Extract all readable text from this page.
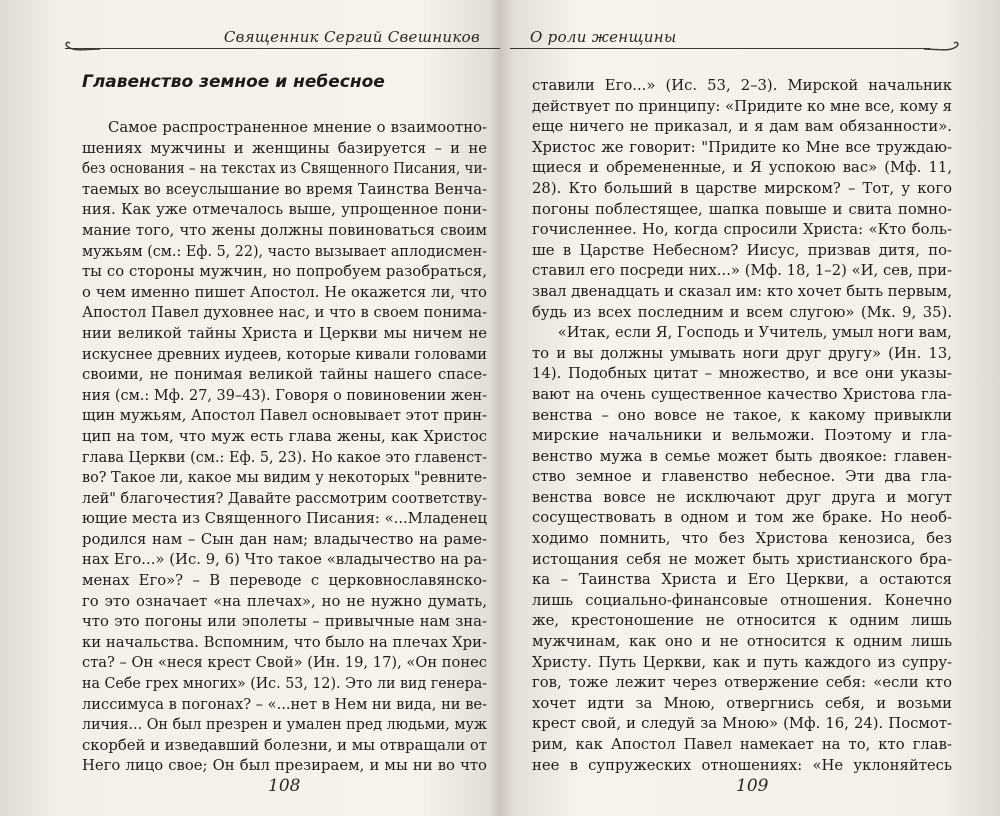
Священник Сергий Свешников
Главенство земное и небесное
Самое распространенное мнение о взаимоотно-
шениях мужчины и женщины базируется – и не
без основания – на текстах из Священного Писания, чи-
таемых во всеуслышание во время Таинства Венча-
ния. Как уже отмечалось выше, упрощенное пони-
мание того, что жены должны повиноваться своим
мужьям (см.: Еф. 5, 22), часто вызывает аплодисмен-
ты со стороны мужчин, но попробуем разобраться,
о чем именно пишет Апостол. Не окажется ли, что
Апостол Павел духовнее нас, и что в своем понима-
нии великой тайны Христа и Церкви мы ничем не
искуснее древних иудеев, которые кивали головами
своими, не понимая великой тайны нашего спасе-
ния (см.: Мф. 27, 39–43). Говоря о повиновении жен-
щин мужьям, Апостол Павел основывает этот прин-
цип на том, что муж есть глава жены, как Христос
глава Церкви (см.: Еф. 5, 23). Но какое это главенст-
во? Такое ли, какое мы видим у некоторых "ревните-
лей" благочестия? Давайте рассмотрим соответству-
ющие места из Священного Писания: «...Младенец
родился нам – Сын дан нам; владычество на раме-
нах Его...» (Ис. 9, 6) Что такое «владычество на ра-
менах Его»? – В переводе с церковнославянско-
го это означает «на плечах», но не нужно думать,
что это погоны или эполеты – привычные нам зна-
ки начальства. Вспомним, что было на плечах Хри-
ста? – Он «неся крест Свой» (Ин. 19, 17), «Он понес
на Себе грех многих» (Ис. 53, 12). Это ли вид генера-
лиссимуса в погонах? – «...нет в Нем ни вида, ни ве-
личия... Он был презрен и умален пред людьми, муж
скорбей и изведавший болезни, и мы отвращали от
Него лицо свое; Он был презираем, и мы ни во что
108
О роли женщины
ставили Его...» (Ис. 53, 2–3). Мирской начальник
действует по принципу: «Придите ко мне все, кому я
еще ничего не приказал, и я дам вам обязанности».
Христос же говорит: "Придите ко Мне все труждаю-
щиеся и обремененные, и Я успокою вас» (Мф. 11,
28). Кто больший в царстве мирском? – Тот, у кого
погоны поблестящее, шапка повыше и свита помно-
гочисленнее. Но, когда спросили Христа: «Кто боль-
ше в Царстве Небесном? Иисус, призвав дитя, по-
ставил его посреди них...» (Мф. 18, 1–2) «И, сев, при-
звал двенадцать и сказал им: кто хочет быть первым,
будь из всех последним и всем слугою» (Мк. 9, 35).
«Итак, если Я, Господь и Учитель, умыл ноги вам,
то и вы должны умывать ноги друг другу» (Ин. 13,
14). Подобных цитат – множество, и все они указы-
вают на очень существенное качество Христова гла-
венства – оно вовсе не такое, к какому привыкли
мирские начальники и вельможи. Поэтому и гла-
венство мужа в семье может быть двоякое: главен-
ство земное и главенство небесное. Эти два гла-
венства вовсе не исключают друг друга и могут
сосуществовать в одном и том же браке. Но необ-
ходимо помнить, что без Христова кенозиса, без
истощания себя не может быть христианского бра-
ка – Таинства Христа и Его Церкви, а остаются
лишь социально-финансовые отношения. Конечно
же, крестоношение не относится к одним лишь
мужчинам, как оно и не относится к одним лишь
Христу. Путь Церкви, как и путь каждого из супру-
гов, тоже лежит через отвержение себя: «если кто
хочет идти за Мною, отвергнись себя, и возьми
крест свой, и следуй за Мною» (Мф. 16, 24). Посмот-
рим, как Апостол Павел намекает на то, кто глав-
нее в супружеских отношениях: «Не уклоняйтесь
109
